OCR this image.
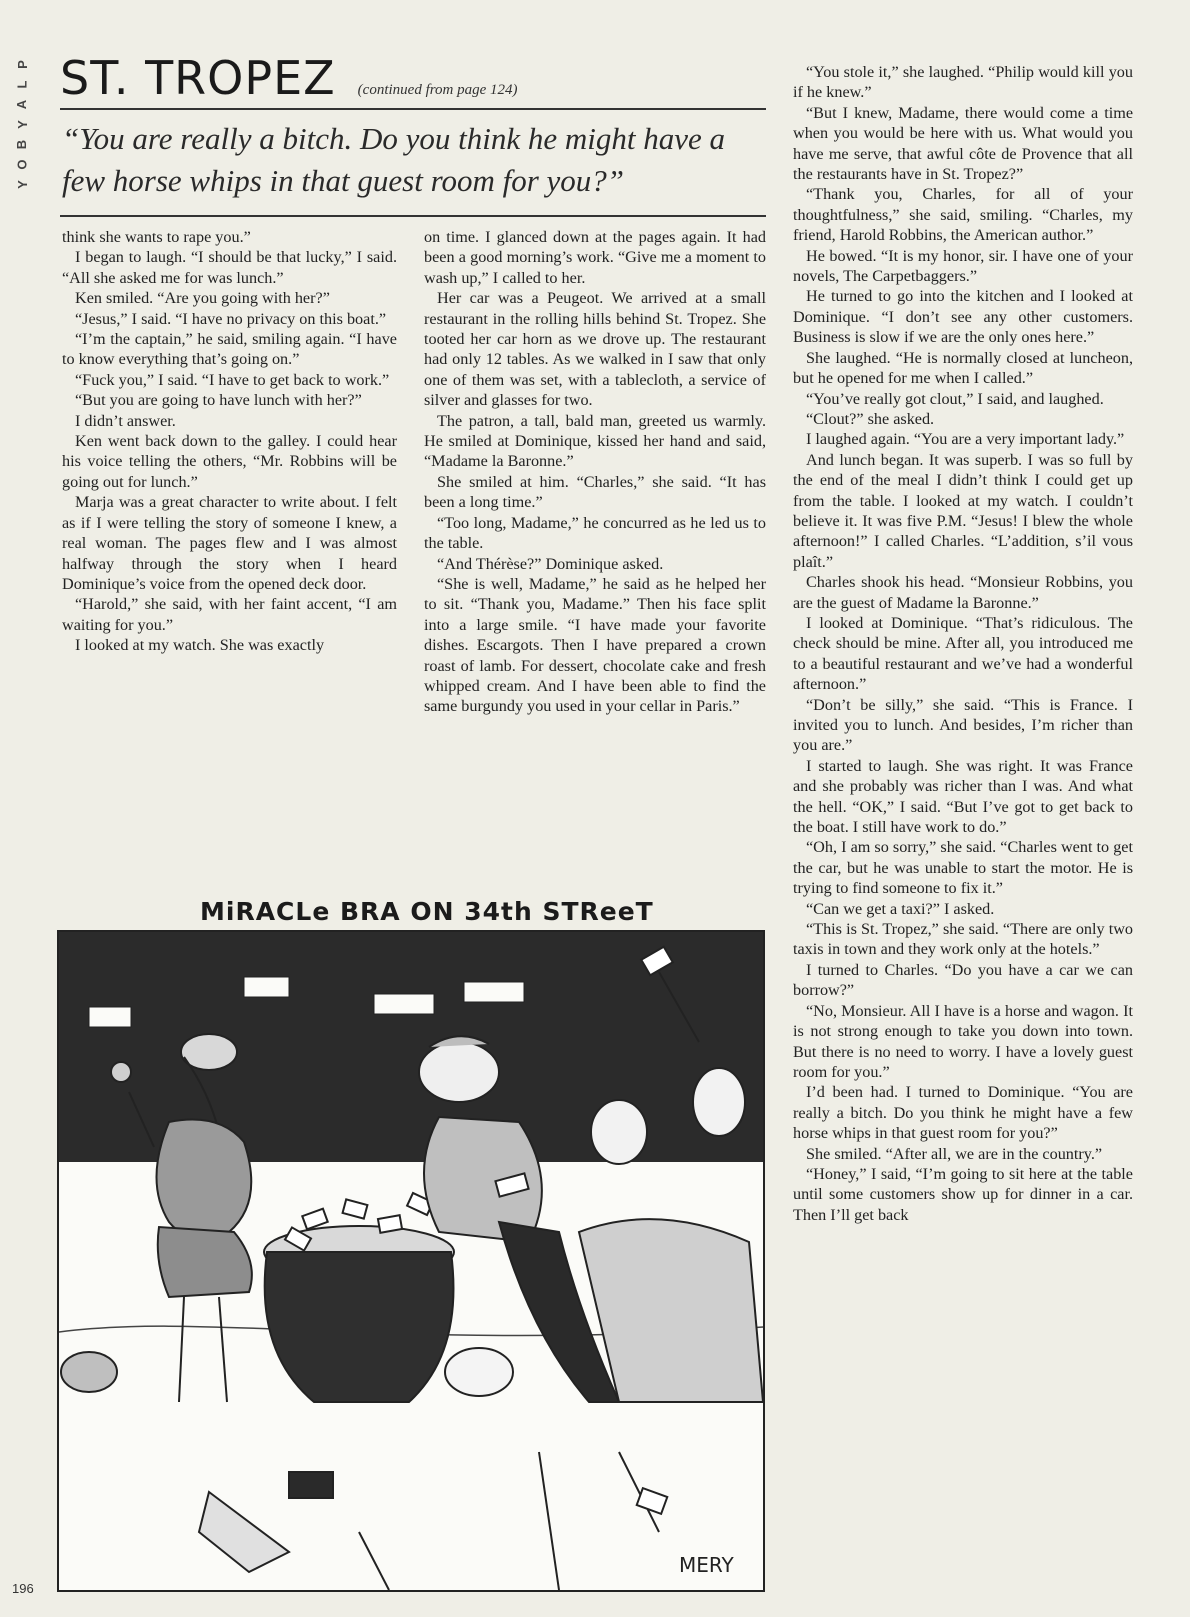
P
L
A
Y
B
O
Y
ST. TROPEZ (continued from page 124)
“You are really a bitch. Do you think he might have a few horse whips in that guest room for you?”

think she wants to rape you.”

I began to laugh. “I should be that lucky,” I said. “All she asked me for was lunch.”

Ken smiled. “Are you going with her?”

“Jesus,” I said. “I have no privacy on this boat.”

“I’m the captain,” he said, smiling again. “I have to know everything that’s going on.”

“Fuck you,” I said. “I have to get back to work.”

“But you are going to have lunch with her?”

I didn’t answer.

Ken went back down to the galley. I could hear his voice telling the others, “Mr. Robbins will be going out for lunch.”

Marja was a great character to write about. I felt as if I were telling the story of someone I knew, a real woman. The pages flew and I was almost halfway through the story when I heard Dominique’s voice from the opened deck door.

“Harold,” she said, with her faint accent, “I am waiting for you.”

I looked at my watch. She was exactly

on time. I glanced down at the pages again. It had been a good morning’s work. “Give me a moment to wash up,” I called to her.

Her car was a Peugeot. We arrived at a small restaurant in the rolling hills behind St. Tropez. She tooted her car horn as we drove up. The restaurant had only 12 tables. As we walked in I saw that only one of them was set, with a tablecloth, a service of silver and glasses for two.

The patron, a tall, bald man, greeted us warmly. He smiled at Dominique, kissed her hand and said, “Madame la Baronne.”

She smiled at him. “Charles,” she said. “It has been a long time.”

“Too long, Madame,” he concurred as he led us to the table.

“And Thérèse?” Dominique asked.

“She is well, Madame,” he said as he helped her to sit. “Thank you, Madame.” Then his face split into a large smile. “I have made your favorite dishes. Escargots. Then I have prepared a crown roast of lamb. For dessert, chocolate cake and fresh whipped cream. And I have been able to find the same burgundy you used in your cellar in Paris.”

“You stole it,” she laughed. “Philip would kill you if he knew.”

“But I knew, Madame, there would come a time when you would be here with us. What would you have me serve, that awful côte de Provence that all the restaurants have in St. Tropez?”

“Thank you, Charles, for all of your thoughtfulness,” she said, smiling. “Charles, my friend, Harold Robbins, the American author.”

He bowed. “It is my honor, sir. I have one of your novels, The Carpetbaggers.”

He turned to go into the kitchen and I looked at Dominique. “I don’t see any other customers. Business is slow if we are the only ones here.”

She laughed. “He is normally closed at luncheon, but he opened for me when I called.”

“You’ve really got clout,” I said, and laughed.

“Clout?” she asked.

I laughed again. “You are a very important lady.”

And lunch began. It was superb. I was so full by the end of the meal I didn’t think I could get up from the table. I looked at my watch. I couldn’t believe it. It was five P.M. “Jesus! I blew the whole afternoon!” I called Charles. “L’addition, s’il vous plaît.”

Charles shook his head. “Monsieur Robbins, you are the guest of Madame la Baronne.”

I looked at Dominique. “That’s ridiculous. The check should be mine. After all, you introduced me to a beautiful restaurant and we’ve had a wonderful afternoon.”

“Don’t be silly,” she said. “This is France. I invited you to lunch. And besides, I’m richer than you are.”

I started to laugh. She was right. It was France and she probably was richer than I was. And what the hell. “OK,” I said. “But I’ve got to get back to the boat. I still have work to do.”

“Oh, I am so sorry,” she said. “Charles went to get the car, but he was unable to start the motor. He is trying to find someone to fix it.”

“Can we get a taxi?” I asked.

“This is St. Tropez,” she said. “There are only two taxis in town and they work only at the hotels.”

I turned to Charles. “Do you have a car we can borrow?”

“No, Monsieur. All I have is a horse and wagon. It is not strong enough to take you down into town. But there is no need to worry. I have a lovely guest room for you.”

I’d been had. I turned to Dominique. “You are really a bitch. Do you think he might have a few horse whips in that guest room for you?”

She smiled. “After all, we are in the country.”

“Honey,” I said, “I’m going to sit here at the table until some customers show up for dinner in a car. Then I’ll get back

MiRACLe BRA ON 34th STReeT
MERY
196
